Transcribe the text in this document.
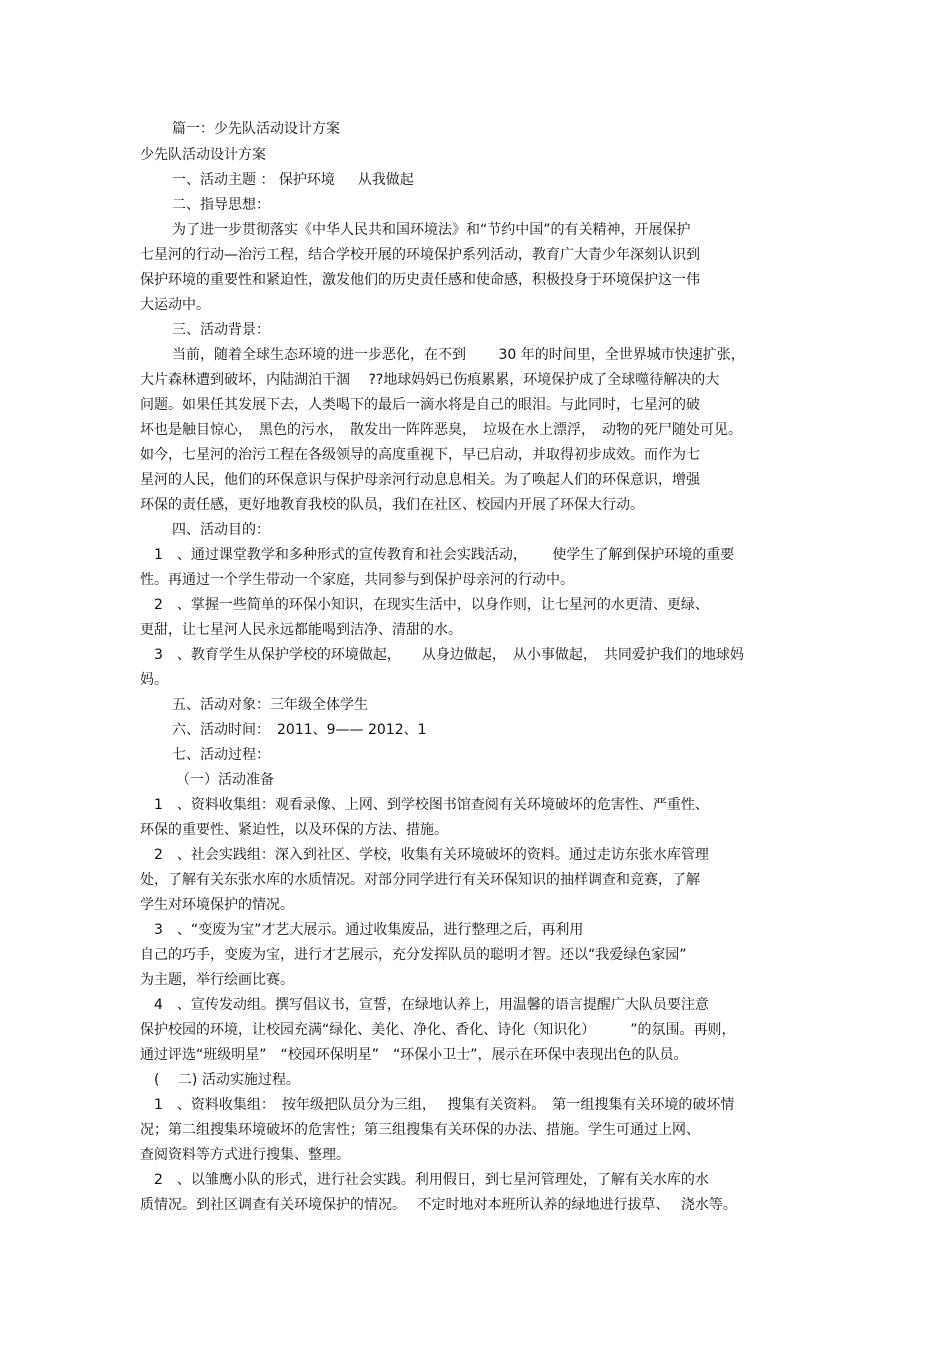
篇一：少先队活动设计方案
少先队活动设计方案
一、活动主题 ： 保护环境 　 从我做起
二、指导思想：
为了进一步贯彻落实《中华人民共和国环境法》和“节约中国”的有关精神，开展保护
七星河的行动—治污工程，结合学校开展的环境保护系列活动，教育广大青少年深刻认识到
保护环境的重要性和紧迫性，激发他们的历史责任感和使命感，积极投身于环境保护这一伟
大运动中。
三、活动背景：
当前，随着全球生态环境的进一步恶化，在不到　　 30 年的时间里，全世界城市快速扩张，
大片森林遭到破坏，内陆湖泊干涸　 ??地球妈妈已伤痕累累，环境保护成了全球噬待解决的大
问题。如果任其发展下去，人类喝下的最后一滴水将是自己的眼泪。与此同时，七星河的破
坏也是触目惊心，　黑色的污水，　散发出一阵阵恶臭，　垃圾在水上漂浮，　动物的死尸随处可见。
如今，七星河的治污工程在各级领导的高度重视下，早已启动，并取得初步成效。而作为七
星河的人民，他们的环保意识与保护母亲河行动息息相关。为了唤起人们的环保意识，增强
环保的责任感，更好地教育我校的队员，我们在社区、校园内开展了环保大行动。
四、活动目的：
1　、通过课堂教学和多种形式的宣传教育和社会实践活动，　　 使学生了解到保护环境的重要
性。再通过一个学生带动一个家庭，共同参与到保护母亲河的行动中。
2　、掌握一些简单的环保小知识，在现实生活中，以身作则，让七星河的水更清、更绿、
更甜，让七星河人民永远都能喝到洁净、清甜的水。
3　、教育学生从保护学校的环境做起，　　从身边做起，　从小事做起，　共同爱护我们的地球妈
妈。
五、活动对象：三年级全体学生
六、活动时间：　2011、9—— 2012、1
七、活动过程：
（一）活动准备
1　、资料收集组：观看录像、上网、到学校图书馆查阅有关环境破坏的危害性、严重性、
环保的重要性、紧迫性，以及环保的方法、措施。
2　、社会实践组：深入到社区、学校，收集有关环境破坏的资料。通过走访东张水库管理
处，了解有关东张水库的水质情况。对部分同学进行有关环保知识的抽样调查和竞赛，了解
学生对环境保护的情况。
3　、“变废为宝”才艺大展示。通过收集废品，进行整理之后，再利用
自己的巧手，变废为宝，进行才艺展示，充分发挥队员的聪明才智。还以“我爱绿色家园”
为主题，举行绘画比赛。
4　、宣传发动组。撰写倡议书，宣誓，在绿地认养上，用温馨的语言提醒广大队员要注意
保护校园的环境，让校园充满“绿化、美化、净化、香化、诗化（知识化）　　　”的氛围。再则，
通过评选“班级明星”　“校园环保明星”　“环保小卫士”，展示在环保中表现出色的队员。
(　 二) 活动实施过程。
1　、资料收集组：　按年级把队员分为三组，　 搜集有关资料。　第一组搜集有关环境的破坏情
况；第二组搜集环境破坏的危害性；第三组搜集有关环保的办法、措施。学生可通过上网、
查阅资料等方式进行搜集、整理。
2　、以雏鹰小队的形式，进行社会实践。利用假日，到七星河管理处，了解有关水库的水
质情况。到社区调查有关环境保护的情况。　 不定时地对本班所认养的绿地进行拔草、　 浇水等。
